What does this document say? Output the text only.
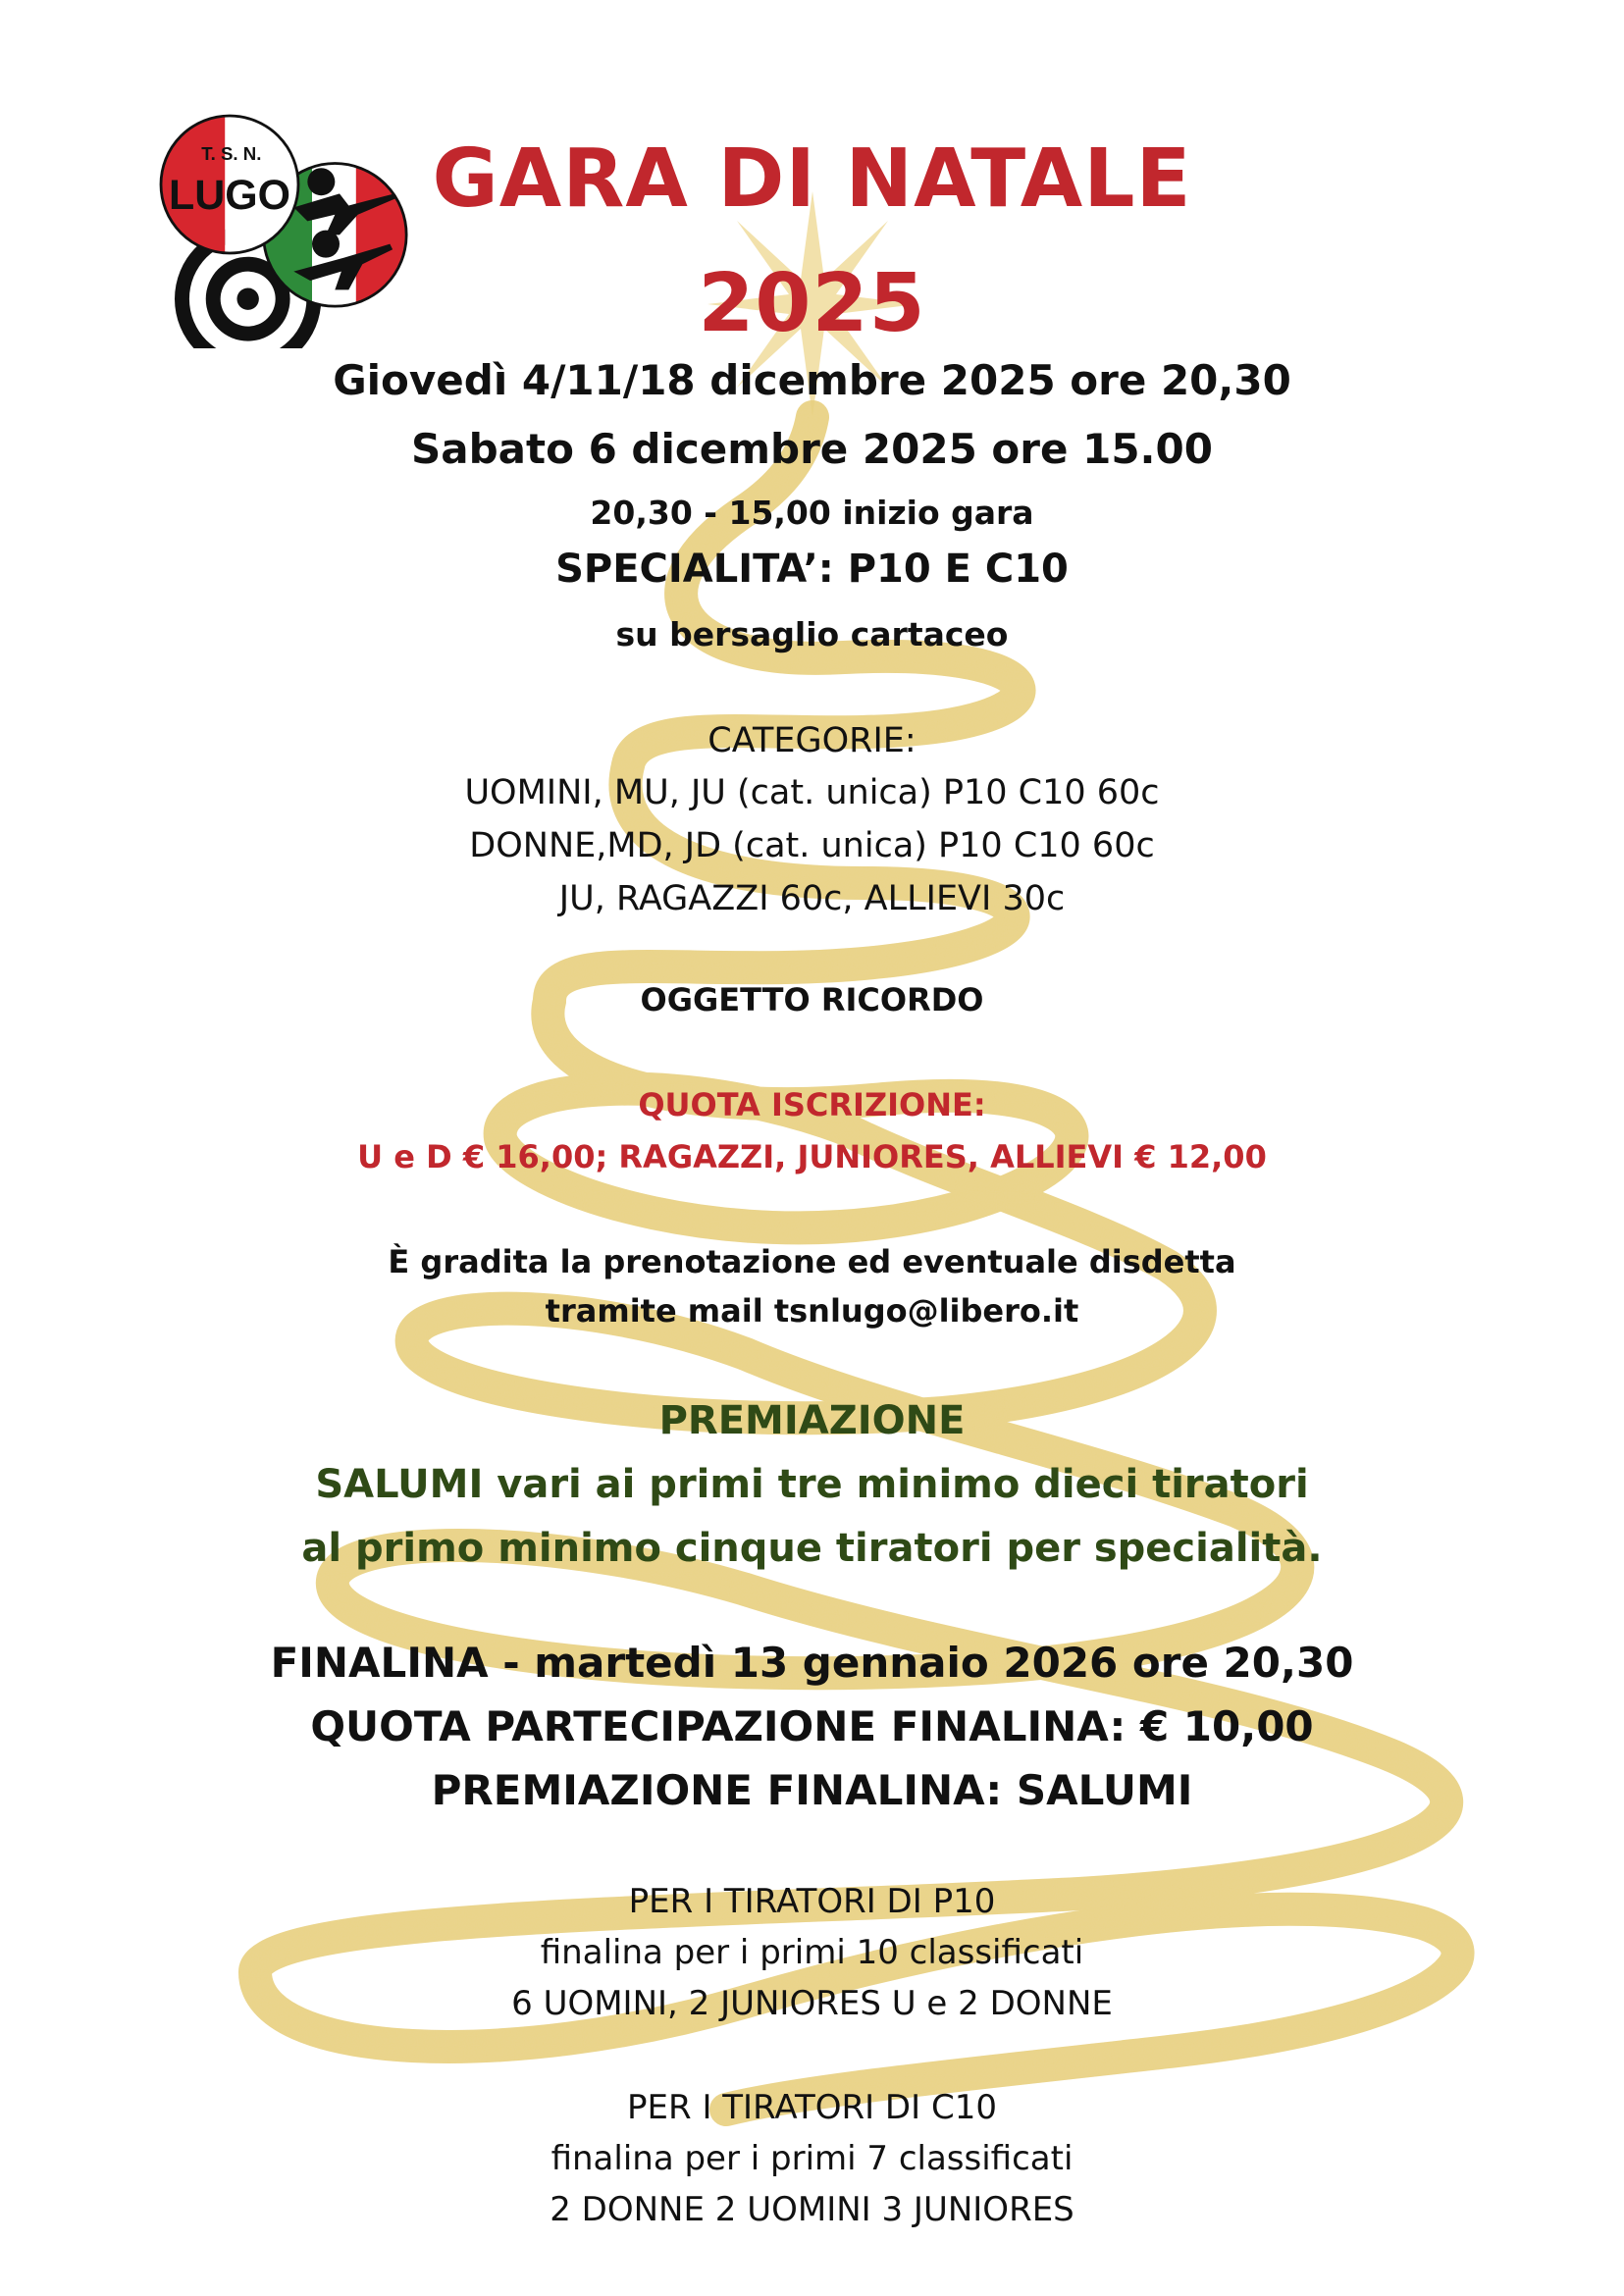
T. S. N.
LUGO	GARA DI NATALE
2025
Giovedì 4/11/18 dicembre 2025 ore 20,30
Sabato 6 dicembre 2025 ore 15.00
20,30 - 15,00 inizio gara
SPECIALITA’: P10 E C10
su bersaglio cartaceo
CATEGORIE:
UOMINI, MU, JU (cat. unica) P10 C10 60c
DONNE,MD, JD (cat. unica) P10 C10 60c
JU, RAGAZZI 60c, ALLIEVI 30c
OGGETTO RICORDO
QUOTA ISCRIZIONE:
U e D € 16,00; RAGAZZI, JUNIORES, ALLIEVI € 12,00
È gradita la prenotazione ed eventuale disdetta
tramite mail tsnlugo@libero.it
PREMIAZIONE
SALUMI vari ai primi tre minimo dieci tiratori
al primo minimo cinque tiratori per specialità.
FINALINA - martedì 13 gennaio 2026 ore 20,30
QUOTA PARTECIPAZIONE FINALINA: € 10,00
PREMIAZIONE FINALINA: SALUMI
PER I TIRATORI DI P10
finalina per i primi 10 classificati
6 UOMINI, 2 JUNIORES U e 2 DONNE
PER I TIRATORI DI C10
finalina per i primi 7 classificati
2 DONNE 2 UOMINI 3 JUNIORES
